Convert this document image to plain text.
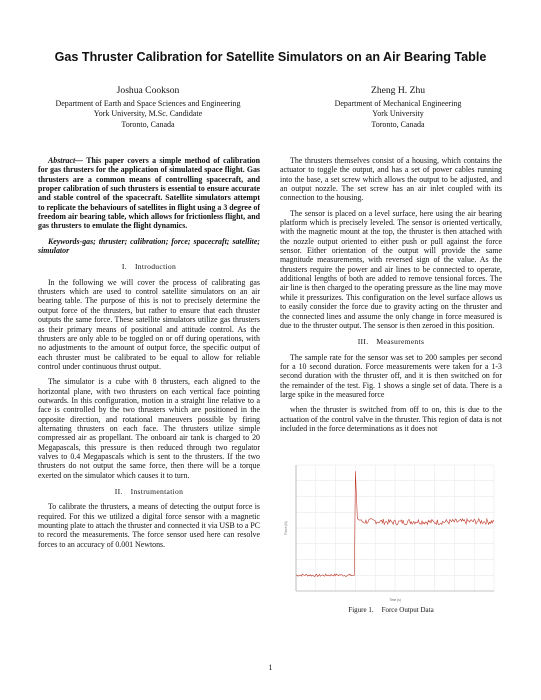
Gas Thruster Calibration for Satellite Simulators on an Air Bearing Table
Joshua Cookson
Department of Earth and Space Sciences and Engineering
York University, M.Sc. Candidate
Toronto, Canada
Zheng H. Zhu
Department of Mechanical Engineering
York University
Toronto, Canada

Abstract— This paper covers a simple method of calibration for gas thrusters for the application of simulated space flight. Gas thrusters are a common means of controlling spacecraft, and proper calibration of such thrusters is essential to ensure accurate and stable control of the spacecraft. Satellite simulators attempt to replicate the behaviours of satellites in flight using a 3 degree of freedom air bearing table, which allows for frictionless flight, and gas thrusters to emulate the flight dynamics.

Keywords-gas; thruster; calibration; force; spacecraft; satellite; simulator

I. Introduction

In the following we will cover the process of calibrating gas thrusters which are used to control satellite simulators on an air bearing table. The purpose of this is not to precisely determine the output force of the thrusters, but rather to ensure that each thruster outputs the same force. These satellite simulators utilize gas thrusters as their primary means of positional and attitude control. As the thrusters are only able to be toggled on or off during operations, with no adjustments to the amount of output force, the specific output of each thruster must be calibrated to be equal to allow for reliable control under continuous thrust output.

The simulator is a cube with 8 thrusters, each aligned to the horizontal plane, with two thrusters on each vertical face pointing outwards. In this configuration, motion in a straight line relative to a face is controlled by the two thrusters which are positioned in the opposite direction, and rotational maneuvers possible by firing alternating thrusters on each face. The thrusters utilize simple compressed air as propellant. The onboard air tank is charged to 20 Megapascals, this pressure is then reduced through two regulator valves to 0.4 Megapascals which is sent to the thrusters. If the two thrusters do not output the same force, then there will be a torque exerted on the simulator which causes it to turn.

II. Instrumentation

To calibrate the thrusters, a means of detecting the output force is required. For this we utilized a digital force sensor with a magnetic mounting plate to attach the thruster and connected it via USB to a PC to record the measurements. The force sensor used here can resolve forces to an accuracy of 0.001 Newtons.

The thrusters themselves consist of a housing, which contains the actuator to toggle the output, and has a set of power cables running into the base, a set screw which allows the output to be adjusted, and an output nozzle. The set screw has an air inlet coupled with its connection to the housing.

The sensor is placed on a level surface, here using the air bearing platform which is precisely leveled. The sensor is oriented vertically, with the magnetic mount at the top, the thruster is then attached with the nozzle output oriented to either push or pull against the force sensor. Either orientation of the output will provide the same magnitude measurements, with reversed sign of the value. As the thrusters require the power and air lines to be connected to operate, additional lengths of both are added to remove tensional forces. The air line is then charged to the operating pressure as the line may move while it pressurizes. This configuration on the level surface allows us to easily consider the force due to gravity acting on the thruster and the connected lines and assume the only change in force measured is due to the thruster output. The sensor is then zeroed in this position.

III. Measurements

The sample rate for the sensor was set to 200 samples per second for a 10 second duration. Force measurements were taken for a 1-3 second duration with the thruster off, and it is then switched on for the remainder of the test. Fig. 1 shows a single set of data. There is a large spike in the measured force

when the thruster is switched from off to on, this is due to the actuation of the control valve in the thruster. This region of data is not included in the force determinations as it does not

Force (N)
Time (s)
Figure 1. Force Output Data
1
